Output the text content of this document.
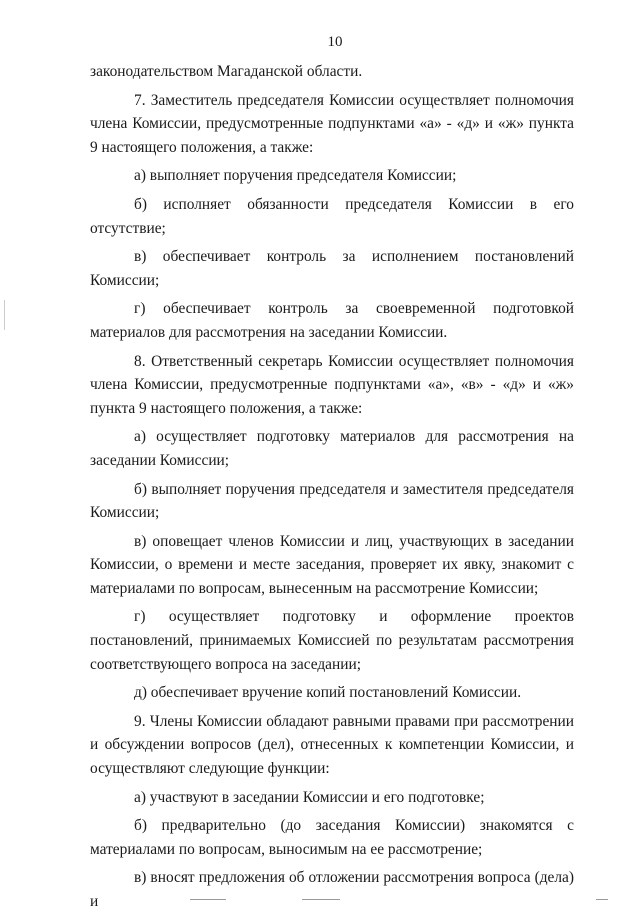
10

законодательством Магаданской области.

7. Заместитель председателя Комиссии осуществляет полномочия члена Комиссии, предусмотренные подпунктами «а» - «д» и «ж» пункта 9 настоящего положения, а также:

а) выполняет поручения председателя Комиссии;

б) исполняет обязанности председателя Комиссии в его отсутствие;

в) обеспечивает контроль за исполнением постановлений Комиссии;

г) обеспечивает контроль за своевременной подготовкой материалов для рассмотрения на заседании Комиссии.

8. Ответственный секретарь Комиссии осуществляет полномочия члена Комиссии, предусмотренные подпунктами «а», «в» - «д» и «ж» пункта 9 настоящего положения, а также:

а) осуществляет подготовку материалов для рассмотрения на заседании Комиссии;

б) выполняет поручения председателя и заместителя председателя Комиссии;

в) оповещает членов Комиссии и лиц, участвующих в заседании Комиссии, о времени и месте заседания, проверяет их явку, знакомит с материалами по вопросам, вынесенным на рассмотрение Комиссии;

г) осуществляет подготовку и оформление проектов постановлений, принимаемых Комиссией по результатам рассмотрения соответствующего вопроса на заседании;

д) обеспечивает вручение копий постановлений Комиссии.

9. Члены Комиссии обладают равными правами при рассмотрении и обсуждении вопросов (дел), отнесенных к компетенции Комиссии, и осуществляют следующие функции:

а) участвуют в заседании Комиссии и его подготовке;

б) предварительно (до заседания Комиссии) знакомятся с материалами по вопросам, выносимым на ее рассмотрение;

в) вносят предложения об отложении рассмотрения вопроса (дела) и
